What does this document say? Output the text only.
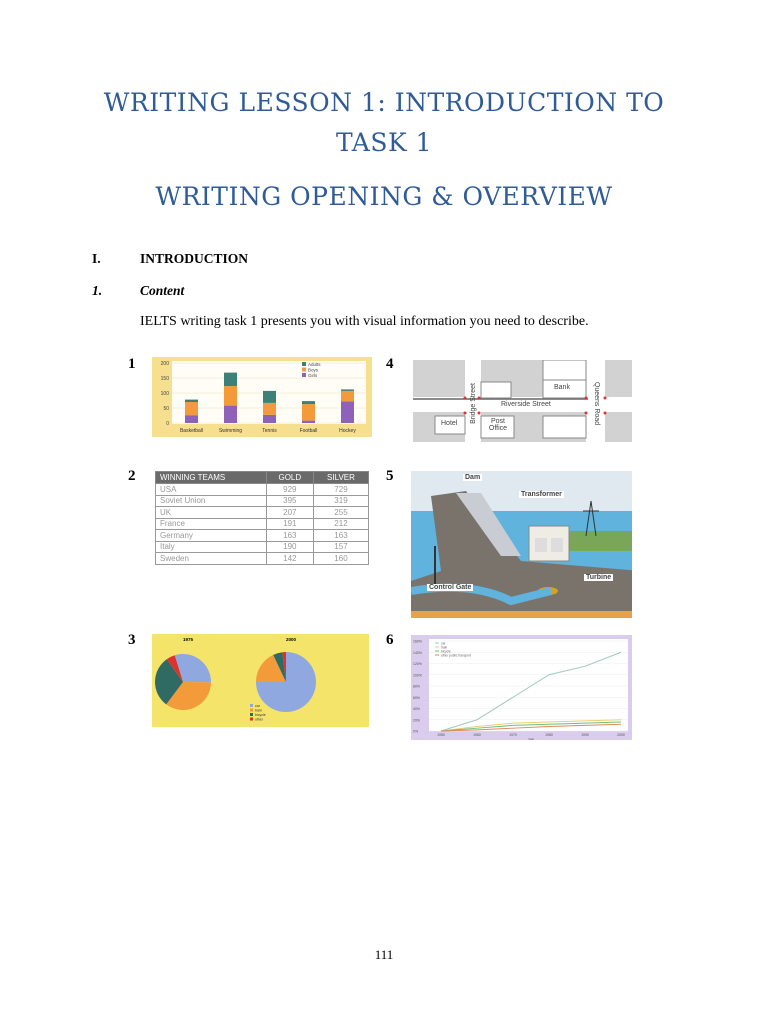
WRITING LESSON 1: INTRODUCTION TO
TASK 1
WRITING OPENING & OVERVIEW
I.	INTRODUCTION
1.	Content
IELTS writing task 1 presents you with visual information you need to describe.
1
2
3
4
5
6
0
50
100
150
200
Basketball	Swimming	Tennis	Football	Hockey
Adults
Boys
Girls
Riverside Street
Bridge Street	Queens Road
Bank
Hotel	Post Office
WINNING TEAMS	GOLD	SILVER
USA	929	729
Soviet Union	395	319
UK	207	255
France	191	212
Germany	163	163
Italy	190	157
Sweden	142	160
Dam
Transformer
Turbine
Control Gate
1975	2000
car
train
bicycle
other
0%
20%
40%
60%
80%
100%
120%
140%
160%
1950	1960	1970	1980	1990	2000
Year
car
train
bicycle
other public transport
111
